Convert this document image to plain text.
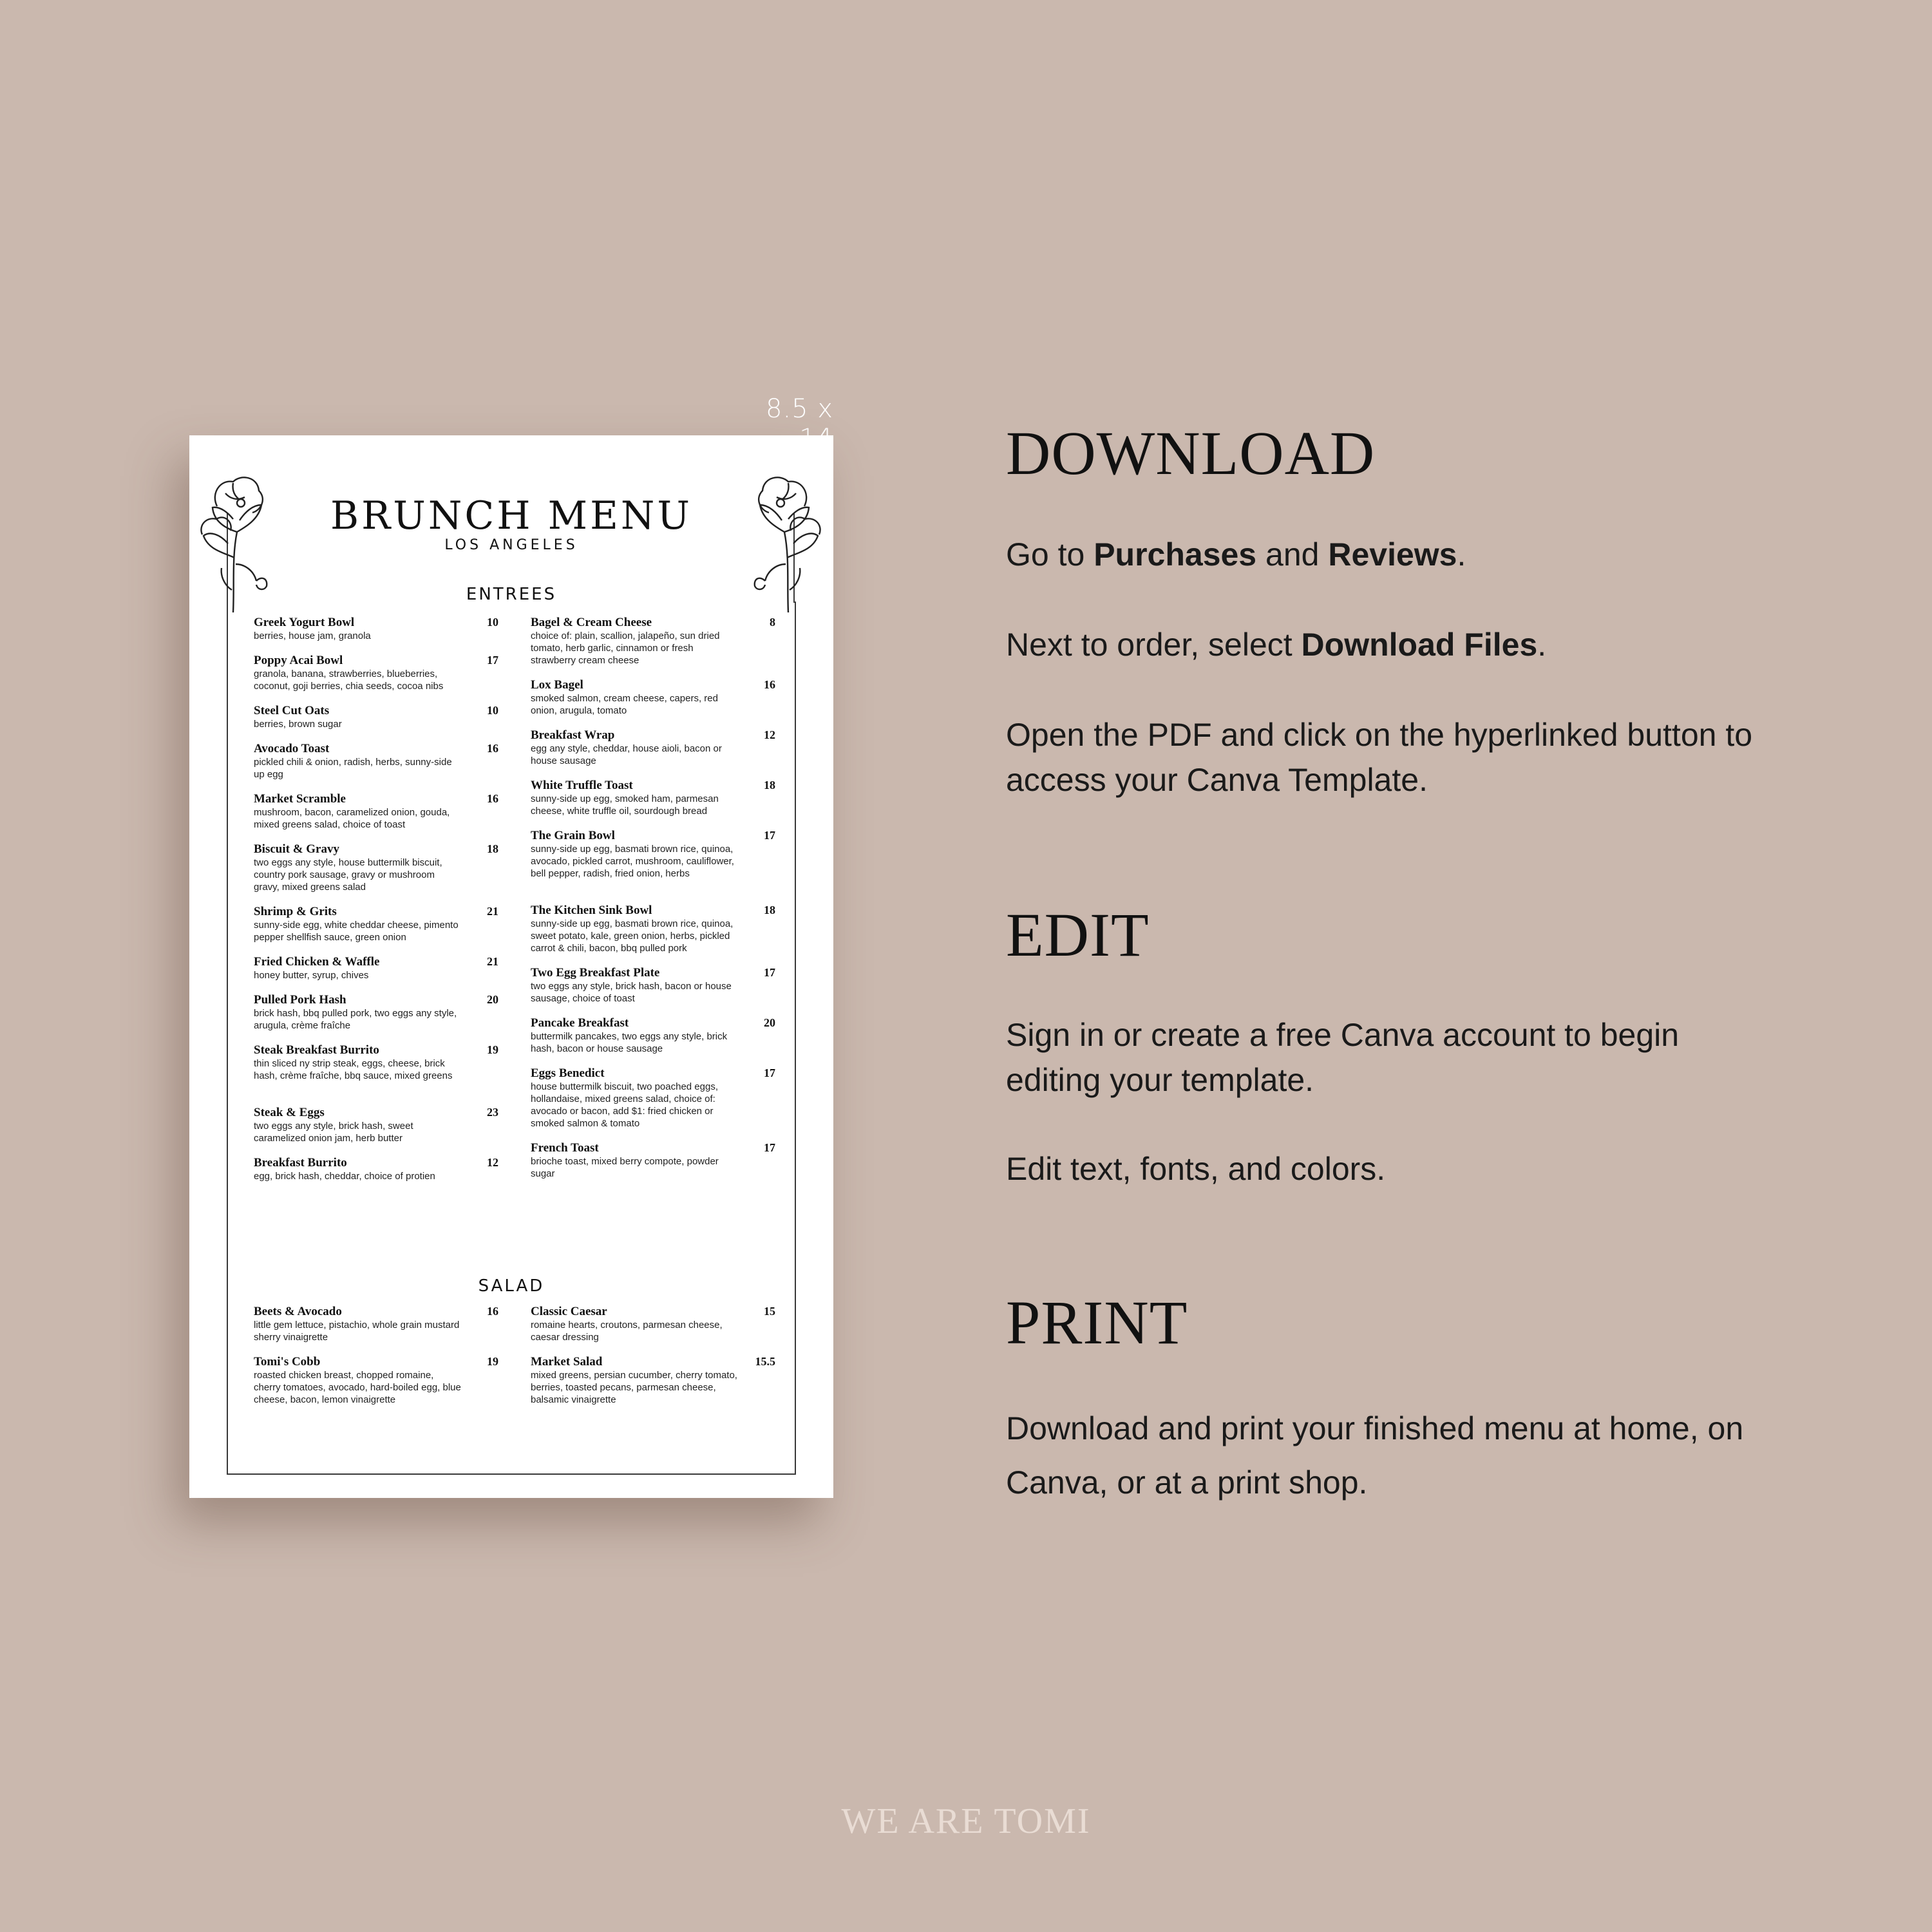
8.5 x
BRUNCH MENU
LOS ANGELES
ENTREES
SALAD
Greek Yogurt Bowl
berries, house jam, granola
10
Poppy Acai Bowl
granola, banana, strawberries, blueberries, coconut, goji berries, chia seeds, cocoa nibs
17
Steel Cut Oats
berries, brown sugar
10
Avocado Toast
pickled chili & onion, radish, herbs, sunny-side up egg
16
Market Scramble
mushroom, bacon, caramelized onion, gouda, mixed greens salad, choice of toast
16
Biscuit & Gravy
two eggs any style, house buttermilk biscuit, country pork sausage, gravy or mushroom gravy, mixed greens salad
18
Shrimp & Grits
sunny-side egg, white cheddar cheese, pimento pepper shellfish sauce, green onion
21
Fried Chicken & Waffle
honey butter, syrup, chives
21
Pulled Pork Hash
brick hash, bbq pulled pork, two eggs any style, arugula, crème fraîche
20
Steak Breakfast Burrito
thin sliced ny strip steak, eggs, cheese, brick hash, crème fraîche, bbq sauce, mixed greens
19
Steak & Eggs
two eggs any style, brick hash, sweet caramelized onion jam, herb butter
23
Breakfast Burrito
egg, brick hash, cheddar, choice of protien
12
Bagel & Cream Cheese
choice of: plain, scallion, jalapeño, sun dried tomato, herb garlic, cinnamon or fresh strawberry cream cheese
8
Lox Bagel
smoked salmon, cream cheese, capers, red onion, arugula, tomato
16
Breakfast Wrap
egg any style, cheddar, house aioli, bacon or house sausage
12
White Truffle Toast
sunny-side up egg, smoked ham, parmesan cheese, white truffle oil, sourdough bread
18
The Grain Bowl
sunny-side up egg, basmati brown rice, quinoa, avocado, pickled carrot, mushroom, cauliflower, bell pepper, radish, fried onion, herbs
17
The Kitchen Sink Bowl
sunny-side up egg, basmati brown rice, quinoa, sweet potato, kale, green onion, herbs, pickled carrot & chili, bacon, bbq pulled pork
18
Two Egg Breakfast Plate
two eggs any style, brick hash, bacon or house sausage, choice of toast
17
Pancake Breakfast
buttermilk pancakes, two eggs any style, brick hash, bacon or house sausage
20
Eggs Benedict
house buttermilk biscuit, two poached eggs, hollandaise, mixed greens salad, choice of: avocado or bacon, add $1: fried chicken or smoked salmon & tomato
17
French Toast
brioche toast, mixed berry compote, powder sugar
17
Beets & Avocado
little gem lettuce, pistachio, whole grain mustard sherry vinaigrette
16
Tomi's Cobb
roasted chicken breast, chopped romaine, cherry tomatoes, avocado, hard-boiled egg, blue cheese, bacon, lemon vinaigrette
19
Classic Caesar
romaine hearts, croutons, parmesan cheese, caesar dressing
15
Market Salad
mixed greens, persian cucumber, cherry tomato, berries, toasted pecans, parmesan cheese, balsamic vinaigrette
15.5
DOWNLOAD
Go to Purchases and Reviews.
Next to order, select Download Files.
Open the PDF and click on the hyperlinked button to access your Canva Template.
EDIT
Sign in or create a free Canva account to begin editing your template.
Edit text, fonts, and colors.
PRINT
Download and print your finished menu at home, on Canva, or at a print shop.
WE ARE TOMI
